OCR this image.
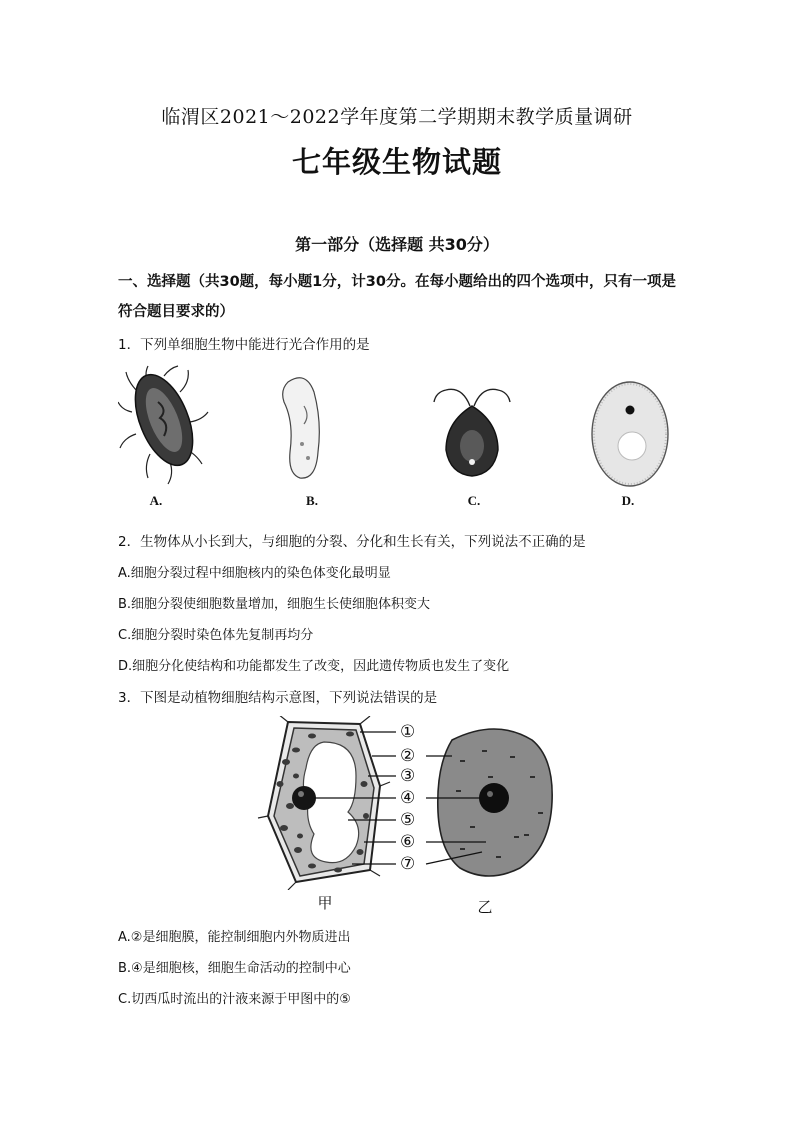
临渭区2021～2022学年度第二学期期末教学质量调研
七年级生物试题
第一部分（选择题 共30分）
一、选择题（共30题，每小题1分，计30分。在每小题给出的四个选项中，只有一项是
符合题目要求的）
1．下列单细胞生物中能进行光合作用的是
A.	B.	C.	D.
2．生物体从小长到大，与细胞的分裂、分化和生长有关，下列说法不正确的是
A.细胞分裂过程中细胞核内的染色体变化最明显
B.细胞分裂使细胞数量增加，细胞生长使细胞体积变大
C.细胞分裂时染色体先复制再均分
D.细胞分化使结构和功能都发生了改变，因此遗传物质也发生了变化
3．下图是动植物细胞结构示意图，下列说法错误的是
①
②
③
④
⑤
⑥
⑦
甲	乙
A.②是细胞膜，能控制细胞内外物质进出
B.④是细胞核，细胞生命活动的控制中心
C.切西瓜时流出的汁液来源于甲图中的⑤
